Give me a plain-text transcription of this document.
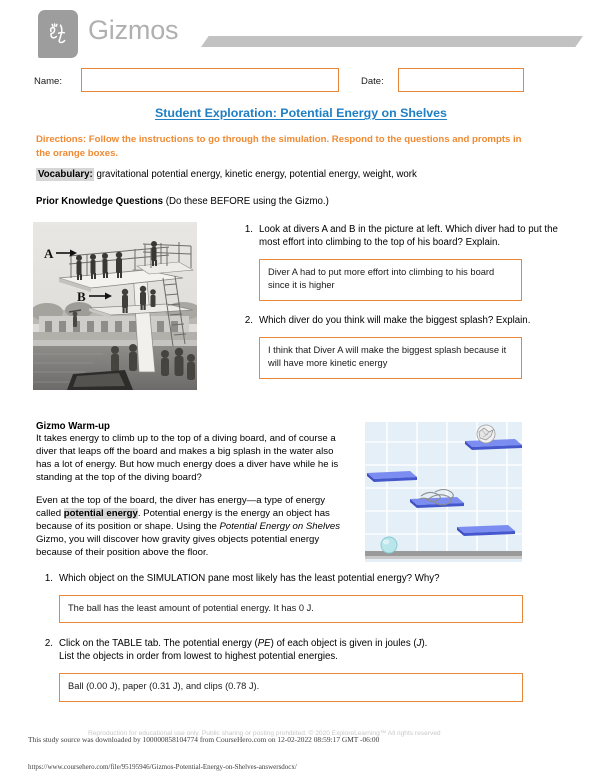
Gizmos
Name:	Date:
Student Exploration: Potential Energy on Shelves
Directions: Follow the instructions to go through the simulation. Respond to the questions and prompts in the orange boxes.
Vocabulary: gravitational potential energy, kinetic energy, potential energy, weight, work
Prior Knowledge Questions (Do these BEFORE using the Gizmo.)
A
B
1. Look at divers A and B in the picture at left. Which diver had to put the most effort into climbing to the top of his board? Explain.
Diver A had to put more effort into climbing to his board since it is higher
2. Which diver do you think will make the biggest splash? Explain.
I think that Diver A will make the biggest splash because it will have more kinetic energy
Gizmo Warm-up

It takes energy to climb up to the top of a diving board, and of course a diver that leaps off the board and makes a big splash in the water also has a lot of energy. But how much energy does a diver have while he is standing at the top of the diving board?

Even at the top of the board, the diver has energy—a type of energy called potential energy. Potential energy is the energy an object has because of its position or shape. Using the Potential Energy on Shelves Gizmo, you will discover how gravity gives objects potential energy because of their position above the floor.

1. Which object on the SIMULATION pane most likely has the least potential energy? Why?
The ball has the least amount of potential energy. It has 0 J.
2. Click on the TABLE tab. The potential energy (PE) of each object is given in joules (J).
List the objects in order from lowest to highest potential energies.
Ball (0.00 J), paper (0.31 J), and clips (0.78 J).
Reproduction for educational use only. Public sharing or posting prohibited. © 2020 ExploreLearning™ All rights reserved
This study source was downloaded by 100000858104774 from CourseHero.com on 12-02-2022 08:59:17 GMT -06:00
https://www.coursehero.com/file/95195946/Gizmos-Potential-Energy-on-Shelves-answersdocx/
